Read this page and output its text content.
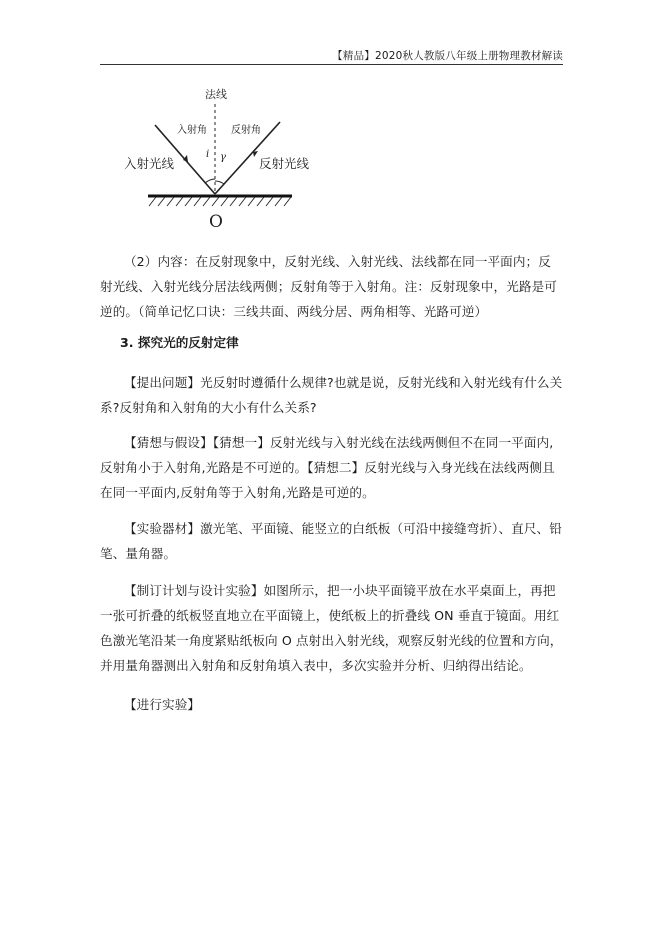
【精品】2020秋人教版八年级上册物理教材解读
法线
入射角 反射角
入射光线	反射光线
i γ
O

（2）内容：在反射现象中，反射光线、入射光线、法线都在同一平面内；反射光线、入射光线分居法线两侧；反射角等于入射角。注：反射现象中，光路是可逆的。（简单记忆口诀：三线共面、两线分居、两角相等、光路可逆）

3. 探究光的反射定律

【提出问题】光反射时遵循什么规律?也就是说，反射光线和入射光线有什么关系?反射角和入射角的大小有什么关系?

【猜想与假设】【猜想一】反射光线与入射光线在法线两侧但不在同一平面内,反射角小于入射角,光路是不可逆的。【猜想二】反射光线与入身光线在法线两侧且在同一平面内,反射角等于入射角,光路是可逆的。

【实验器材】激光笔、平面镜、能竖立的白纸板（可沿中接缝弯折）、直尺、铅笔、量角器。

【制订计划与设计实验】如图所示，把一小块平面镜平放在水平桌面上，再把一张可折叠的纸板竖直地立在平面镜上，使纸板上的折叠线 ON 垂直于镜面。用红色激光笔沿某一角度紧贴纸板向 O 点射出入射光线，观察反射光线的位置和方向，并用量角器测出入射角和反射角填入表中，多次实验并分析、归纳得出结论。

【进行实验】
